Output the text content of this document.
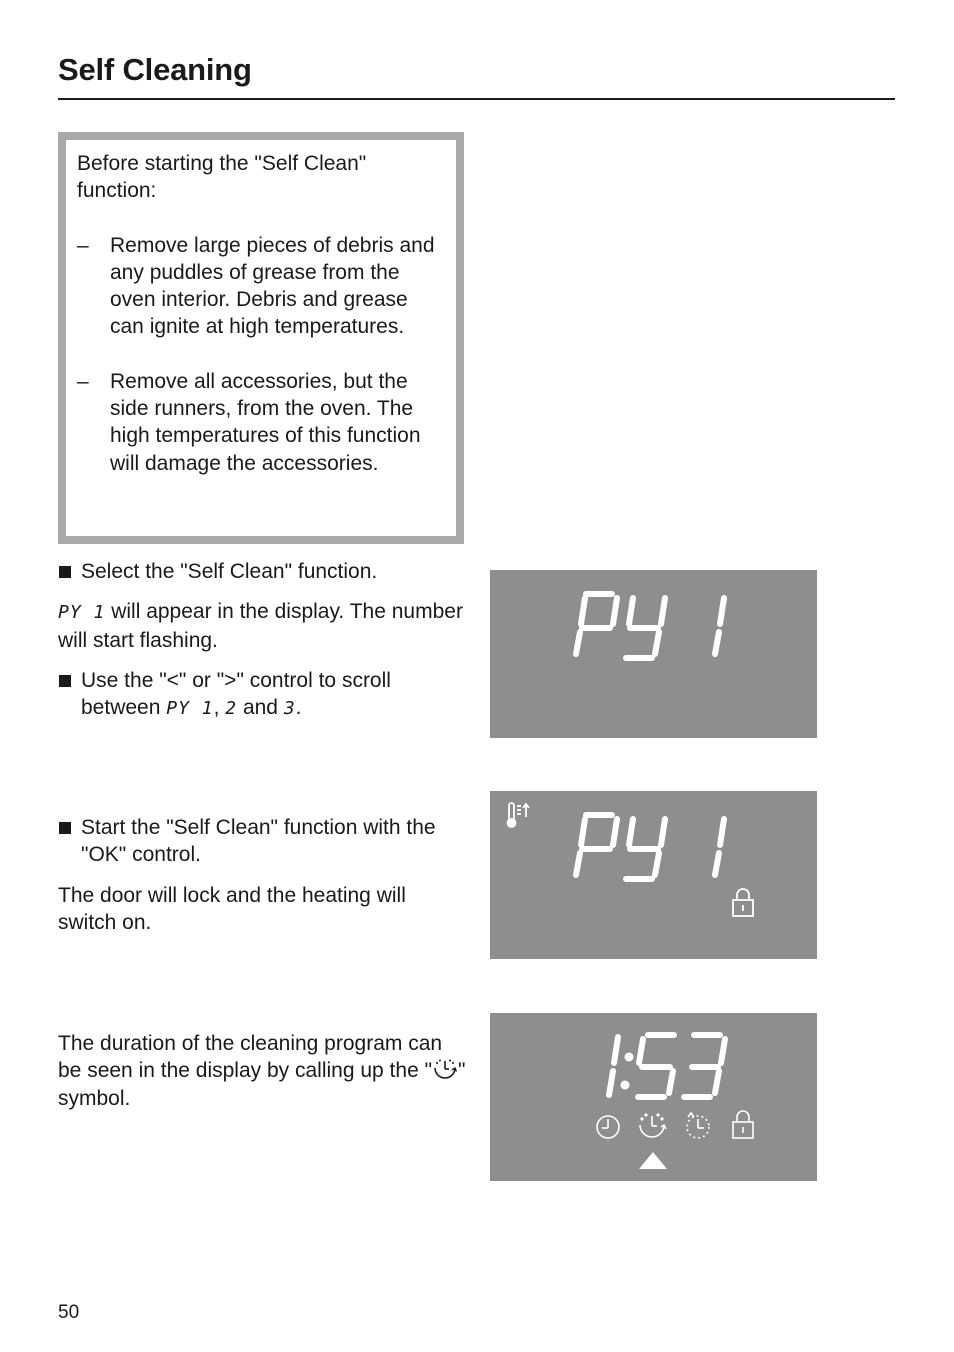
Self Cleaning

Before starting the "Self Clean" function:

– Remove large pieces of debris and any puddles of grease from the oven interior. Debris and grease can ignite at high temperatures.
– Remove all accessories, but the side runners, from the oven. The high temperatures of this function will damage the accessories.
Select the "Self Clean" function.
PY 1 will appear in the display. The number will start flashing.
Use the "<" or ">" control to scroll between PY 1, 2 and 3.
Start the "Self Clean" function with the "OK" control.
The door will lock and the heating will switch on.
The duration of the cleaning program can be seen in the display by calling up the " " symbol.
50
